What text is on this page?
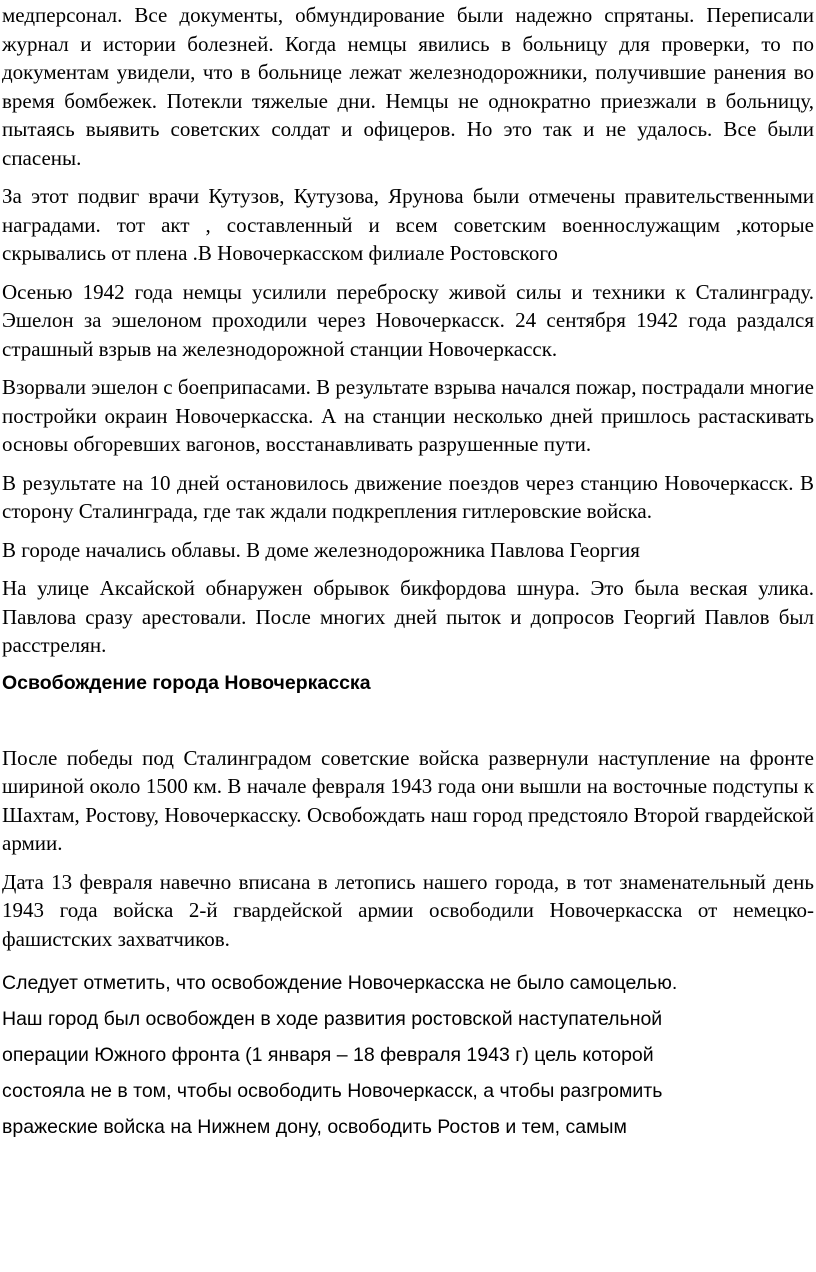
медперсонал. Все документы, обмундирование были надежно спрятаны. Переписали журнал и истории болезней. Когда немцы явились в больницу для проверки, то по документам увидели, что в больнице лежат железнодорожники, получившие ранения во время бомбежек. Потекли тяжелые дни. Немцы не однократно приезжали в больницу, пытаясь выявить советских солдат и офицеров. Но это так и не удалось. Все были спасены.

За этот подвиг врачи Кутузов, Кутузова, Ярунова были отмечены правительственными наградами. тот акт , составленный и всем советским военнослужащим ,которые скрывались от плена .В Новочеркасском филиале Ростовского

Осенью 1942 года немцы усилили переброску живой силы и техники к Сталинграду. Эшелон за эшелоном проходили через Новочеркасск. 24 сентября 1942 года раздался страшный взрыв на железнодорожной станции Новочеркасск.

Взорвали эшелон с боеприпасами. В результате взрыва начался пожар, пострадали многие постройки окраин Новочеркасска. А на станции несколько дней пришлось растаскивать основы обгоревших вагонов, восстанавливать разрушенные пути.

В результате на 10 дней остановилось движение поездов через станцию Новочеркасск. В сторону Сталинграда, где так ждали подкрепления гитлеровские войска.

В городе начались облавы. В доме железнодорожника Павлова Георгия

На улице Аксайской обнаружен обрывок бикфордова шнура. Это была веская улика. Павлова сразу арестовали. После многих дней пыток и допросов Георгий Павлов был расстрелян.

Освобождение города Новочеркасска

После победы под Сталинградом советские войска развернули наступление на фронте шириной около 1500 км. В начале февраля 1943 года они вышли на восточные подступы к Шахтам, Ростову, Новочеркасску. Освобождать наш город предстояло Второй гвардейской армии.

Дата 13 февраля навечно вписана в летопись нашего города, в тот знаменательный день 1943 года войска 2-й гвардейской армии освободили Новочеркасска от немецко-фашистских захватчиков.

Следует отметить, что освобождение Новочеркасска не было самоцелью.
Наш город был освобожден в ходе развития ростовской наступательной
операции Южного фронта (1 января – 18 февраля 1943 г) цель которой
состояла не в том, чтобы освободить Новочеркасск, а чтобы разгромить
вражеские войска на Нижнем дону, освободить Ростов и тем, самым
